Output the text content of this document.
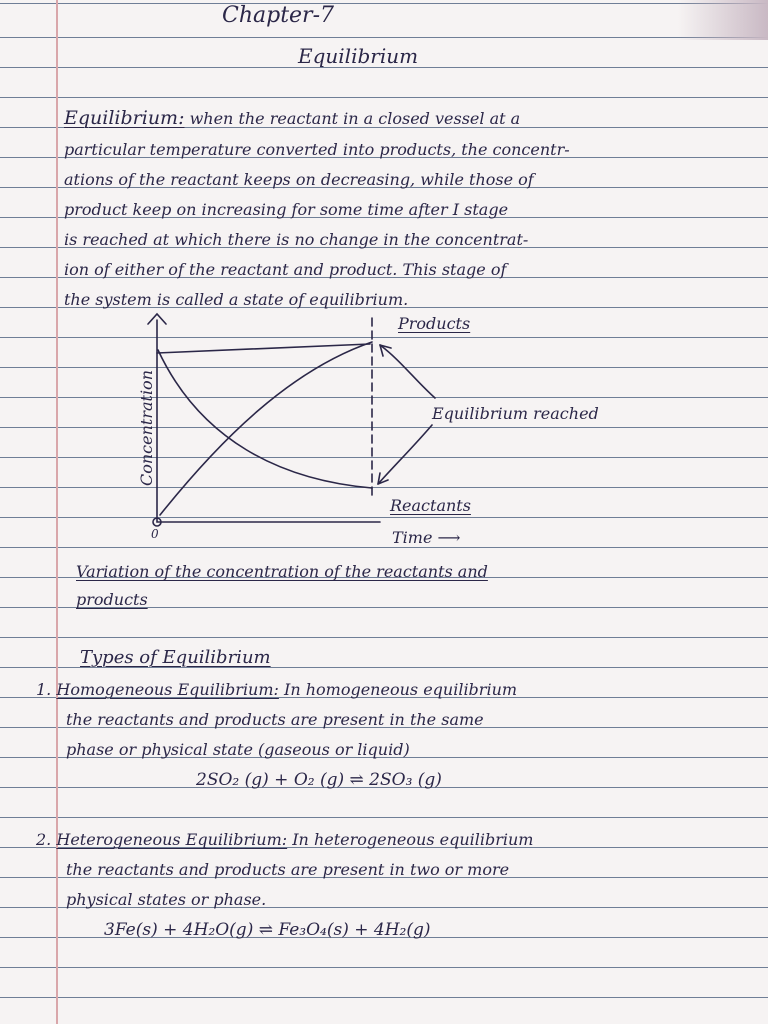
Chapter-7

Equilibrium

Equilibrium: when the reactant in a closed vessel at a

particular temperature converted into products, the concentr-

ations of the reactant keeps on decreasing, while those of

product keep on increasing for some time after I stage

is reached at which there is no change in the concentrat-

ion of either of the reactant and product. This stage of

the system is called a state of equilibrium.

Products

Equilibrium reached

Reactants

Time ⟶

0

Concentration

Variation of the concentration of the reactants and

products

Types of Equilibrium

1. Homogeneous Equilibrium: In homogeneous equilibrium

the reactants and products are present in the same

phase or physical state (gaseous or liquid)

2SO₂ (g) + O₂ (g) ⇌ 2SO₃ (g)

2. Heterogeneous Equilibrium: In heterogeneous equilibrium

the reactants and products are present in two or more

physical states or phase.

3Fe(s) + 4H₂O(g) ⇌ Fe₃O₄(s) + 4H₂(g)
